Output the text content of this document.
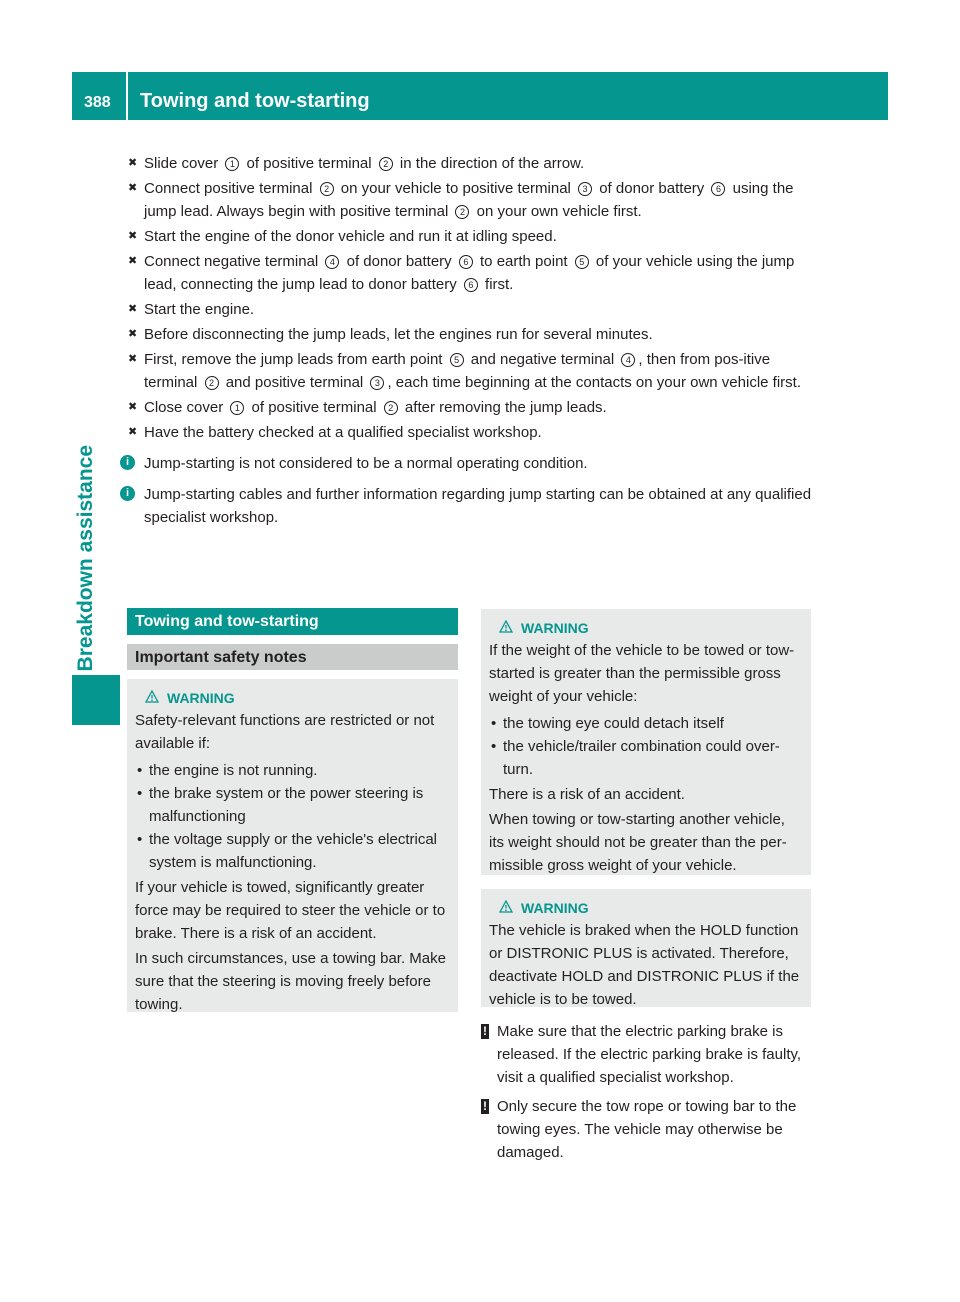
388	Towing and tow-starting
Breakdown assistance
✖ Slide cover 1 of positive terminal 2 in the direction of the arrow.
✖ Connect positive terminal 2 on your vehicle to positive terminal 3 of donor battery 6 using the jump lead. Always begin with positive terminal 2 on your own vehicle first.
✖ Start the engine of the donor vehicle and run it at idling speed.
✖ Connect negative terminal 4 of donor battery 6 to earth point 5 of your vehicle using the jump lead, connecting the jump lead to donor battery 6 first.
✖ Start the engine.
✖ Before disconnecting the jump leads, let the engines run for several minutes.
✖ First, remove the jump leads from earth point 5 and negative terminal 4 , then from pos-itive terminal 2 and positive terminal 3 , each time beginning at the contacts on your own vehicle first.
✖ Close cover 1 of positive terminal 2 after removing the jump leads.
✖ Have the battery checked at a qualified specialist workshop.
i Jump-starting is not considered to be a normal operating condition.
i Jump-starting cables and further information regarding jump starting can be obtained at any qualified specialist workshop.
Towing and tow-starting
Important safety notes
WARNING

Safety-relevant functions are restricted or not available if:

• the engine is not running.
• the brake system or the power steering is malfunctioning
• the voltage supply or the vehicle's electrical system is malfunctioning.

If your vehicle is towed, significantly greater force may be required to steer the vehicle or to brake. There is a risk of an accident.

In such circumstances, use a towing bar. Make sure that the steering is moving freely before towing.

WARNING

If the weight of the vehicle to be towed or tow-started is greater than the permissible gross weight of your vehicle:

• the towing eye could detach itself
• the vehicle/trailer combination could over-turn.

There is a risk of an accident.

When towing or tow-starting another vehicle, its weight should not be greater than the per-missible gross weight of your vehicle.

WARNING

The vehicle is braked when the HOLD function or DISTRONIC PLUS is activated. Therefore, deactivate HOLD and DISTRONIC PLUS if the vehicle is to be towed.

! Make sure that the electric parking brake is released. If the electric parking brake is faulty, visit a qualified specialist workshop.
! Only secure the tow rope or towing bar to the towing eyes. The vehicle may otherwise be damaged.
